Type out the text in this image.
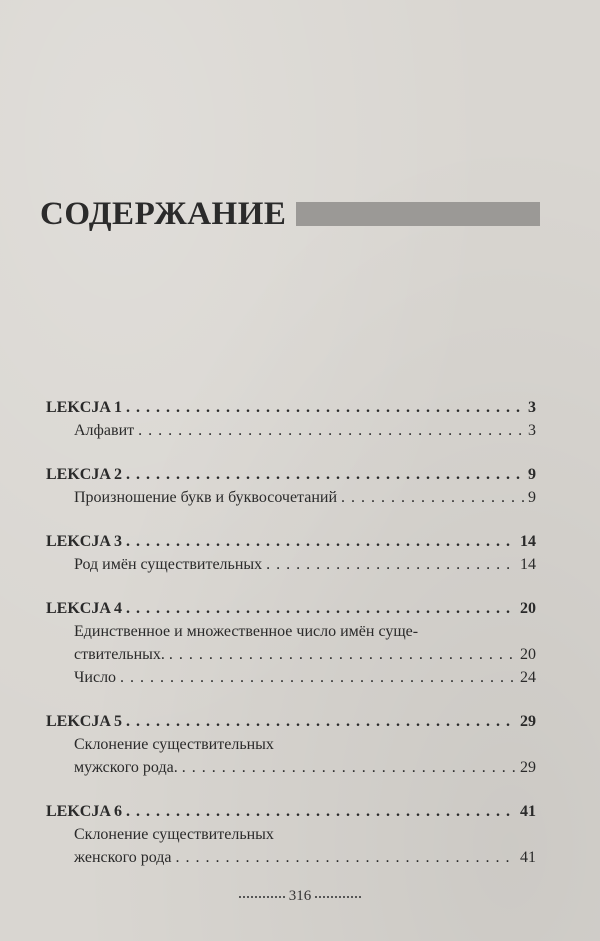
СОДЕРЖАНИЕ
LEKCJA 1 . . .	3
Алфавит . . .	3
LEKCJA 2 . . .	9
Произношение букв и буквосочетаний . . .	9
LEKCJA 3 . . .	14
Род имён существительных . . .	14
LEKCJA 4 . . .	20
Единственное и множественное число имён суще-
ствительных. . . .	20
Число . . .	24
LEKCJA 5 . . .	29
Склонение существительных
мужского рода. . . .	29
LEKCJA 6 . . .	41
Склонение существительных
женского рода . . .	41
316
